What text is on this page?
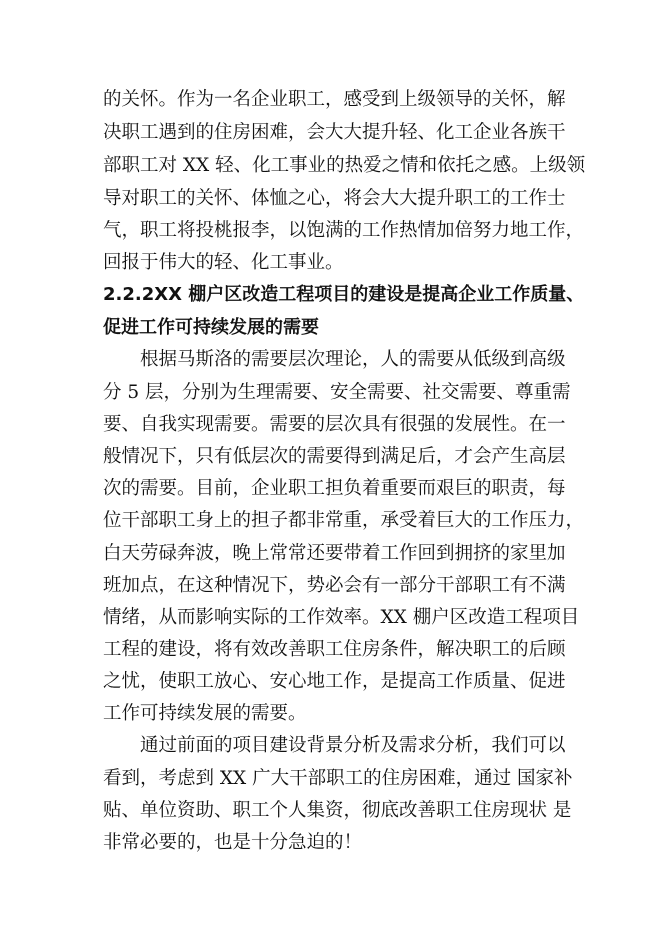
的关怀。作为一名企业职工，感受到上级领导的关怀，解
决职工遇到的住房困难，会大大提升轻、化工企业各族干
部职工对 XX 轻、化工事业的热爱之情和依托之感。上级领
导对职工的关怀、体恤之心，将会大大提升职工的工作士
气，职工将投桃报李，以饱满的工作热情加倍努力地工作，
回报于伟大的轻、化工事业。
2.2.2XX 棚户区改造工程项目的建设是提高企业工作质量、
促进工作可持续发展的需要
　　根据马斯洛的需要层次理论，人的需要从低级到高级
分 5 层，分别为生理需要、安全需要、社交需要、尊重需
要、自我实现需要。需要的层次具有很强的发展性。在一
般情况下，只有低层次的需要得到满足后，才会产生高层
次的需要。目前，企业职工担负着重要而艰巨的职责，每
位干部职工身上的担子都非常重，承受着巨大的工作压力，
白天劳碌奔波，晚上常常还要带着工作回到拥挤的家里加
班加点，在这种情况下，势必会有一部分干部职工有不满
情绪，从而影响实际的工作效率。XX 棚户区改造工程项目
工程的建设，将有效改善职工住房条件，解决职工的后顾
之忧，使职工放心、安心地工作，是提高工作质量、促进
工作可持续发展的需要。
　　通过前面的项目建设背景分析及需求分析，我们可以
看到，考虑到 XX 广大干部职工的住房困难，通过 国家补
贴、单位资助、职工个人集资，彻底改善职工住房现状 是
非常必要的，也是十分急迫的！
